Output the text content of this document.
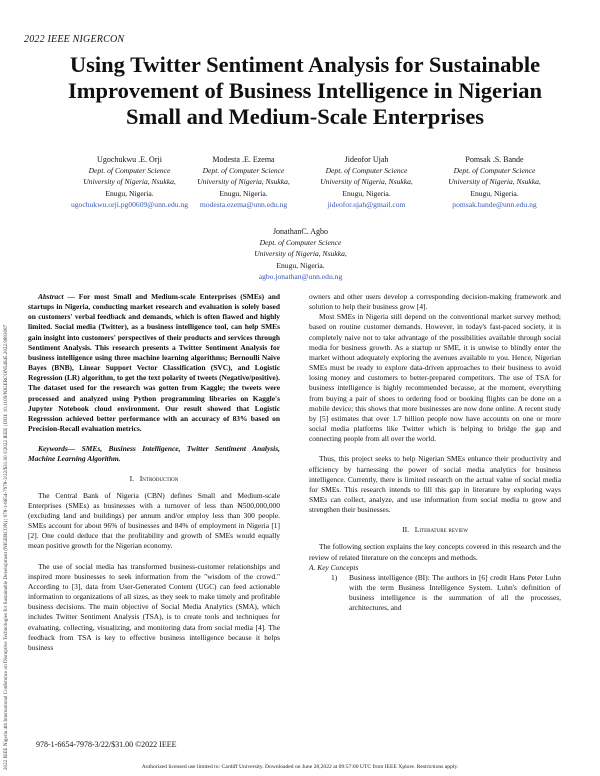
2022 IEEE NIGERCON
2022 IEEE Nigeria 4th International Conference on Disruptive Technologies for Sustainable Development (NIGERCON) | 978-1-6654-7978-3/22/$31.00 ©2022 IEEE | DOI: 10.1109/NIGERCON54645.2022.9803087
Using Twitter Sentiment Analysis for Sustainable Improvement of Business Intelligence in Nigerian Small and Medium-Scale Enterprises
Ugochukwu .E. Orji
Dept. of Computer Science
University of Nigeria, Nsukka,
Enugu, Nigeria.
ugochukwu.orji.pg00609@unn.edu.ng
Modesta .E. Ezema
Dept. of Computer Science
University of Nigeria, Nsukka,
Enugu, Nigeria.
modesta.ezema@unn.edu.ng
Jideofor Ujah
Dept. of Computer Science
University of Nigeria, Nsukka,
Enugu, Nigeria.
jideofor.ujah@gmail.com
Pomsak .S. Bande
Dept. of Computer Science
University of Nigeria, Nsukka,
Enugu, Nigeria.
pomsak.bande@unn.edu.ng
JonathanC. Agbo
Dept. of Computer Science
University of Nigeria, Nsukka,
Enugu, Nigeria.
agbo.jonathan@unn.edu.ng

Abstract — For most Small and Medium-scale Enterprises (SMEs) and startups in Nigeria, conducting market research and evaluation is solely based on customers' verbal feedback and demands, which is often flawed and highly limited. Social media (Twitter), as a business intelligence tool, can help SMEs gain insight into customers' perspectives of their products and services through Sentiment Analysis. This research presents a Twitter Sentiment Analysis for business intelligence using three machine learning algorithms; Bernoulli Naive Bayes (BNB), Linear Support Vector Classification (SVC), and Logistic Regression (LR) algorithm, to get the text polarity of tweets (Negative/positive). The dataset used for the research was gotten from Kaggle; the tweets were processed and analyzed using Python programming libraries on Kaggle's Jupyter Notebook cloud environment. Our result showed that Logistic Regression achieved better performance with an accuracy of 83% based on Precision-Recall evaluation metrics.

Keywords— SMEs, Business Intelligence, Twitter Sentiment Analysis, Machine Learning Algorithm.

I. Introduction

The Central Bank of Nigeria (CBN) defines Small and Medium-scale Enterprises (SMEs) as businesses with a turnover of less than ₦500,000,000 (excluding land and buildings) per annum and/or employ less than 300 people. SMEs account for about 96% of businesses and 84% of employment in Nigeria [1] [2]. One could deduce that the profitability and growth of SMEs would equally mean positive growth for the Nigerian economy.

The use of social media has transformed business-customer relationships and inspired more businesses to seek information from the "wisdom of the crowd." According to [3], data from User-Generated Content (UGC) can feed actionable information to organizations of all sizes, as they seek to make timely and profitable business decisions. The main objective of Social Media Analytics (SMA), which includes Twitter Sentiment Analysis (TSA), is to create tools and techniques for evaluating, collecting, visualizing, and monitoring data from social media [4]. The feedback from TSA is key to effective business intelligence because it helps business

owners and other users develop a corresponding decision-making framework and solution to help their business grow [4].

Most SMEs in Nigeria still depend on the conventional market survey method; based on routine customer demands. However, in today's fast-paced society, it is completely naive not to take advantage of the possibilities available through social media for business growth. As a startup or SME, it is unwise to blindly enter the market without adequately exploring the avenues available to you. Hence, Nigerian SMEs must be ready to explore data-driven approaches to their business to avoid losing money and customers to better-prepared competitors. The use of TSA for business intelligence is highly recommended because, at the moment, everything from buying a pair of shoes to ordering food or booking flights can be done on a mobile device; this shows that more businesses are now done online. A recent study by [5] estimates that over 1.7 billion people now have accounts on one or more social media platforms like Twitter which is helping to bridge the gap and connecting people from all over the world.

Thus, this project seeks to help Nigerian SMEs enhance their productivity and efficiency by harnessing the power of social media analytics for business intelligence. Currently, there is limited research on the actual value of social media for SMEs. This research intends to fill this gap in literature by exploring ways SMEs can collect, analyze, and use information from social media to grow and strengthen their businesses.

II. Literature review

The following section explains the key concepts covered in this research and the review of related literature on the concepts and methods.

A. Key Concepts

1)	Business intelligence (BI): The authors in [6] credit Hans Peter Luhn with the term Business Intelligence System. Luhn's definition of business intelligence is the summation of all the processes, architectures, and

978-1-6654-7978-3/22/$31.00 ©2022 IEEE
Authorized licensed use limited to: Cardiff University. Downloaded on June 28,2022 at 09:57:00 UTC from IEEE Xplore. Restrictions apply.
